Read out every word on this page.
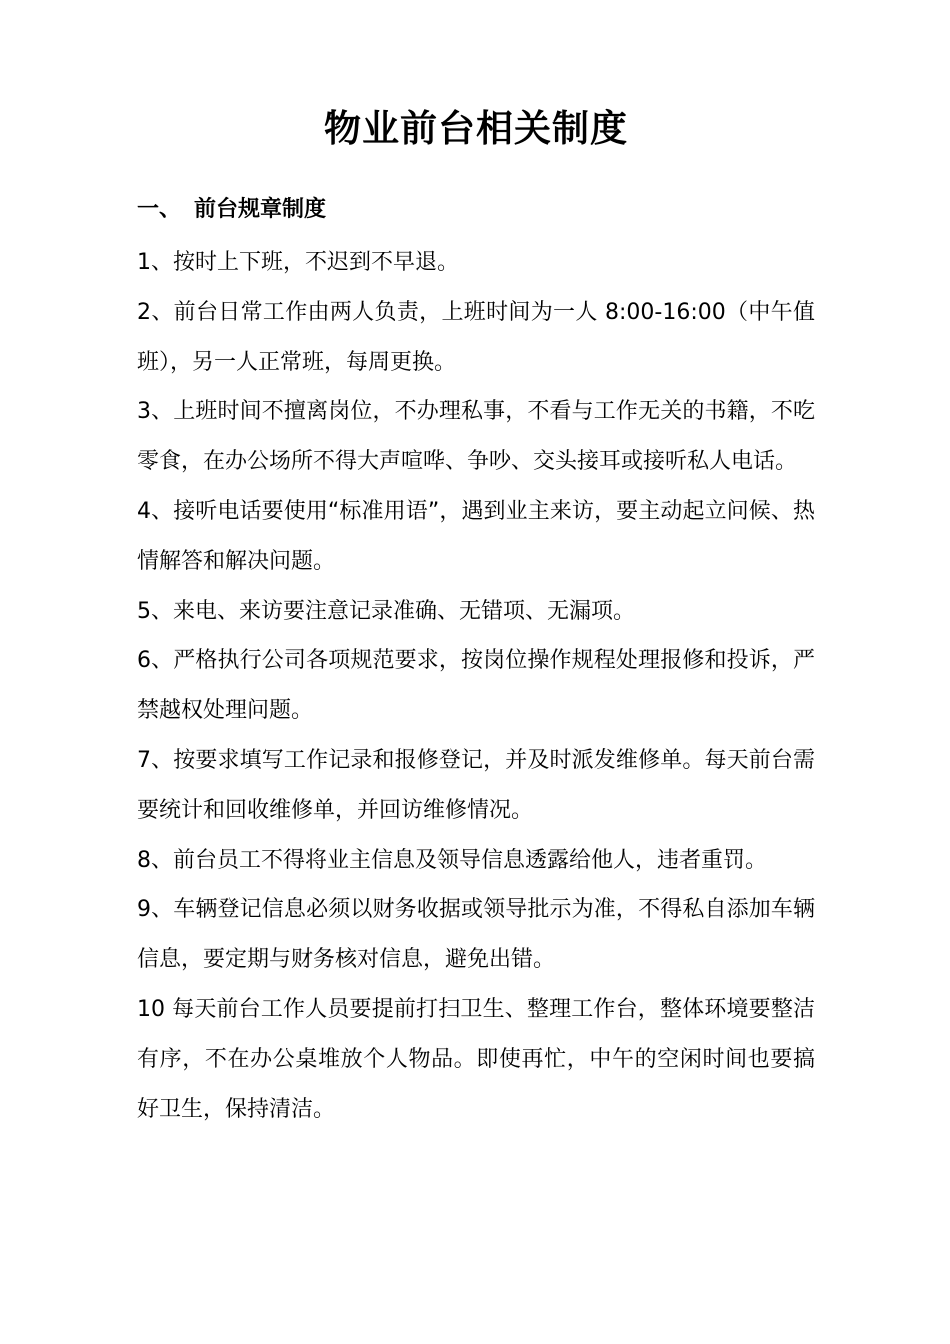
物业前台相关制度
一、 前台规章制度
1、按时上下班，不迟到不早退。
2、前台日常工作由两人负责，上班时间为一人 8:00-16:00（中午值班），另一人正常班，每周更换。
3、上班时间不擅离岗位，不办理私事，不看与工作无关的书籍，不吃零食，在办公场所不得大声喧哗、争吵、交头接耳或接听私人电话。
4、接听电话要使用“标准用语”，遇到业主来访，要主动起立问候、热情解答和解决问题。
5、来电、来访要注意记录准确、无错项、无漏项。
6、严格执行公司各项规范要求，按岗位操作规程处理报修和投诉，严禁越权处理问题。
7、按要求填写工作记录和报修登记，并及时派发维修单。每天前台需要统计和回收维修单，并回访维修情况。
8、前台员工不得将业主信息及领导信息透露给他人，违者重罚。
9、车辆登记信息必须以财务收据或领导批示为准，不得私自添加车辆信息，要定期与财务核对信息，避免出错。
10 每天前台工作人员要提前打扫卫生、整理工作台，整体环境要整洁有序，不在办公桌堆放个人物品。即使再忙，中午的空闲时间也要搞好卫生，保持清洁。
